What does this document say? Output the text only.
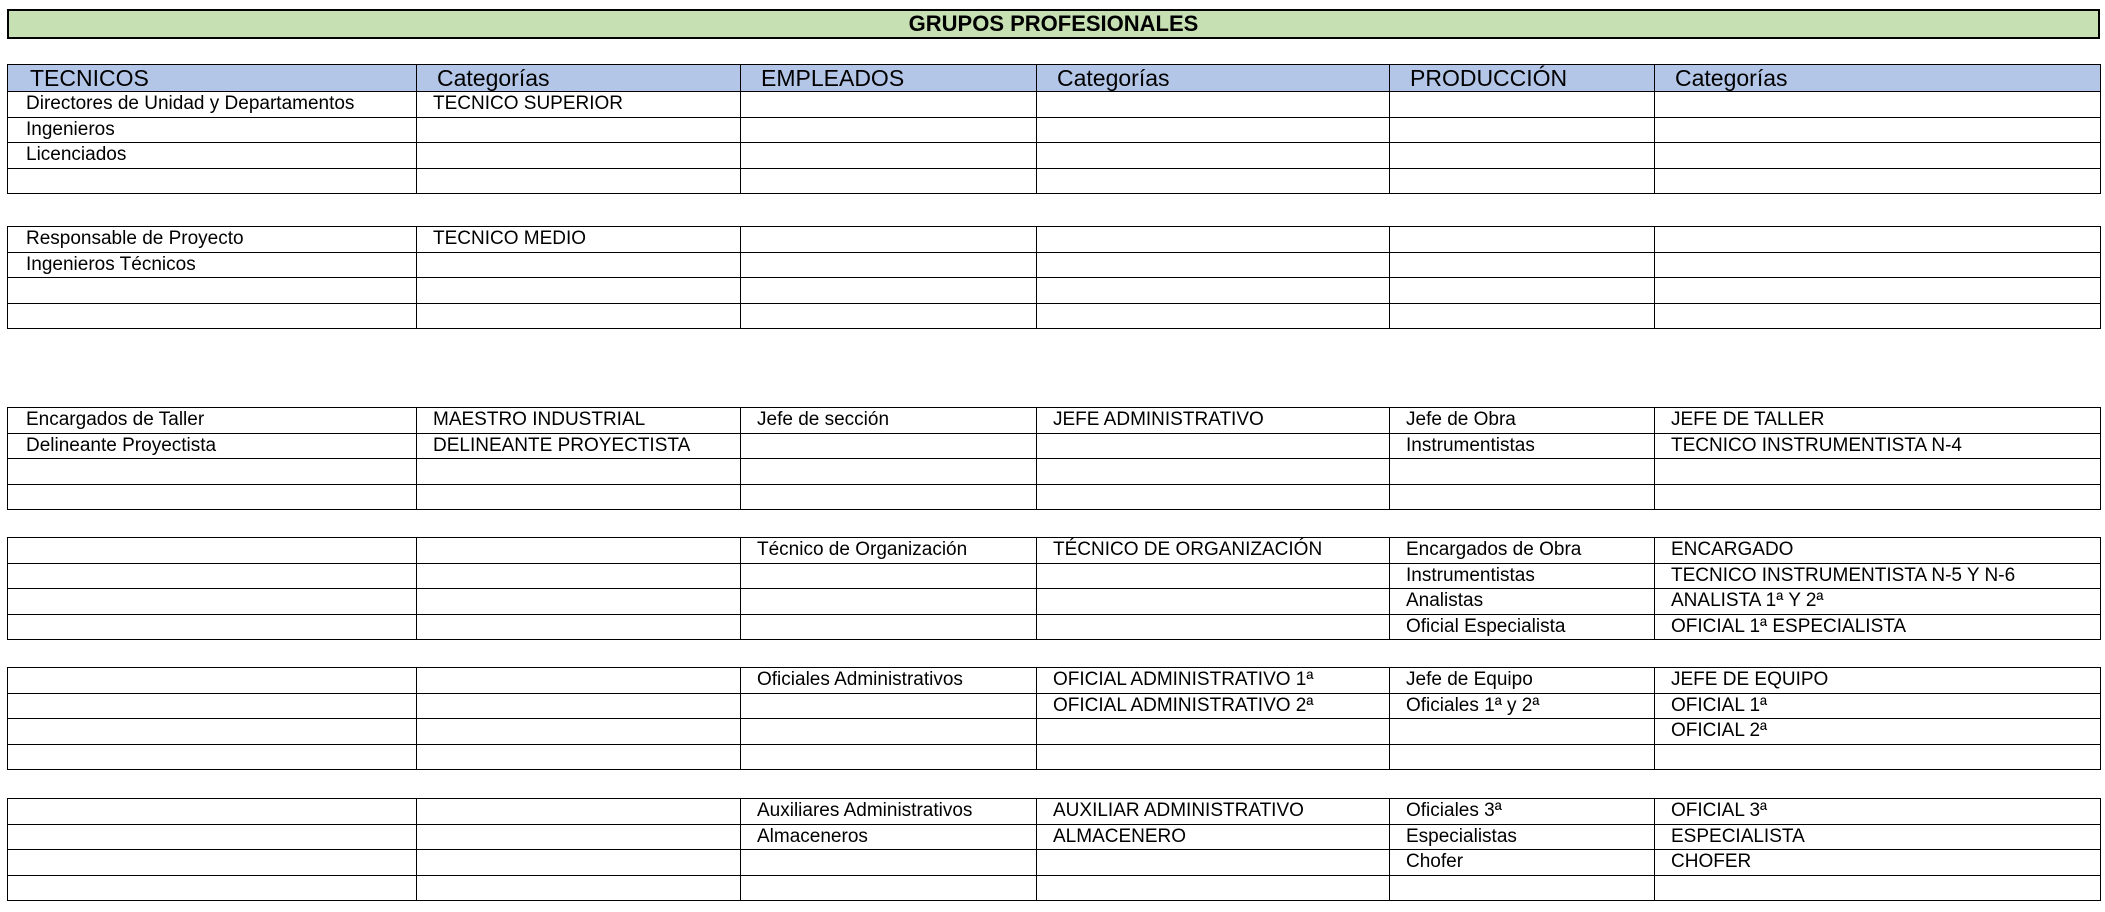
GRUPOS PROFESIONALES
TECNICOS	Categorías	EMPLEADOS	Categorías	PRODUCCIÓN	Categorías
Directores de Unidad y Departamentos	TECNICO SUPERIOR				
Ingenieros					
Licenciados					

Responsable de Proyecto	TECNICO MEDIO				
Ingenieros Técnicos					

Encargados de Taller	MAESTRO INDUSTRIAL	Jefe de sección	JEFE ADMINISTRATIVO	Jefe de Obra	JEFE DE TALLER
Delineante Proyectista	DELINEANTE PROYECTISTA			Instrumentistas	TECNICO INSTRUMENTISTA N-4

		Técnico de Organización	TÉCNICO DE ORGANIZACIÓN	Encargados de Obra	ENCARGADO
				Instrumentistas	TECNICO INSTRUMENTISTA N-5 Y N-6
				Analistas	ANALISTA 1ª Y 2ª
				Oficial Especialista	OFICIAL 1ª ESPECIALISTA
		Oficiales Administrativos	OFICIAL ADMINISTRATIVO 1ª	Jefe de Equipo	JEFE DE EQUIPO
			OFICIAL ADMINISTRATIVO 2ª	Oficiales 1ª y 2ª	OFICIAL 1ª
					OFICIAL 2ª

		Auxiliares Administrativos	AUXILIAR ADMINISTRATIVO	Oficiales 3ª	OFICIAL 3ª
		Almaceneros	ALMACENERO	Especialistas	ESPECIALISTA
				Chofer	CHOFER
